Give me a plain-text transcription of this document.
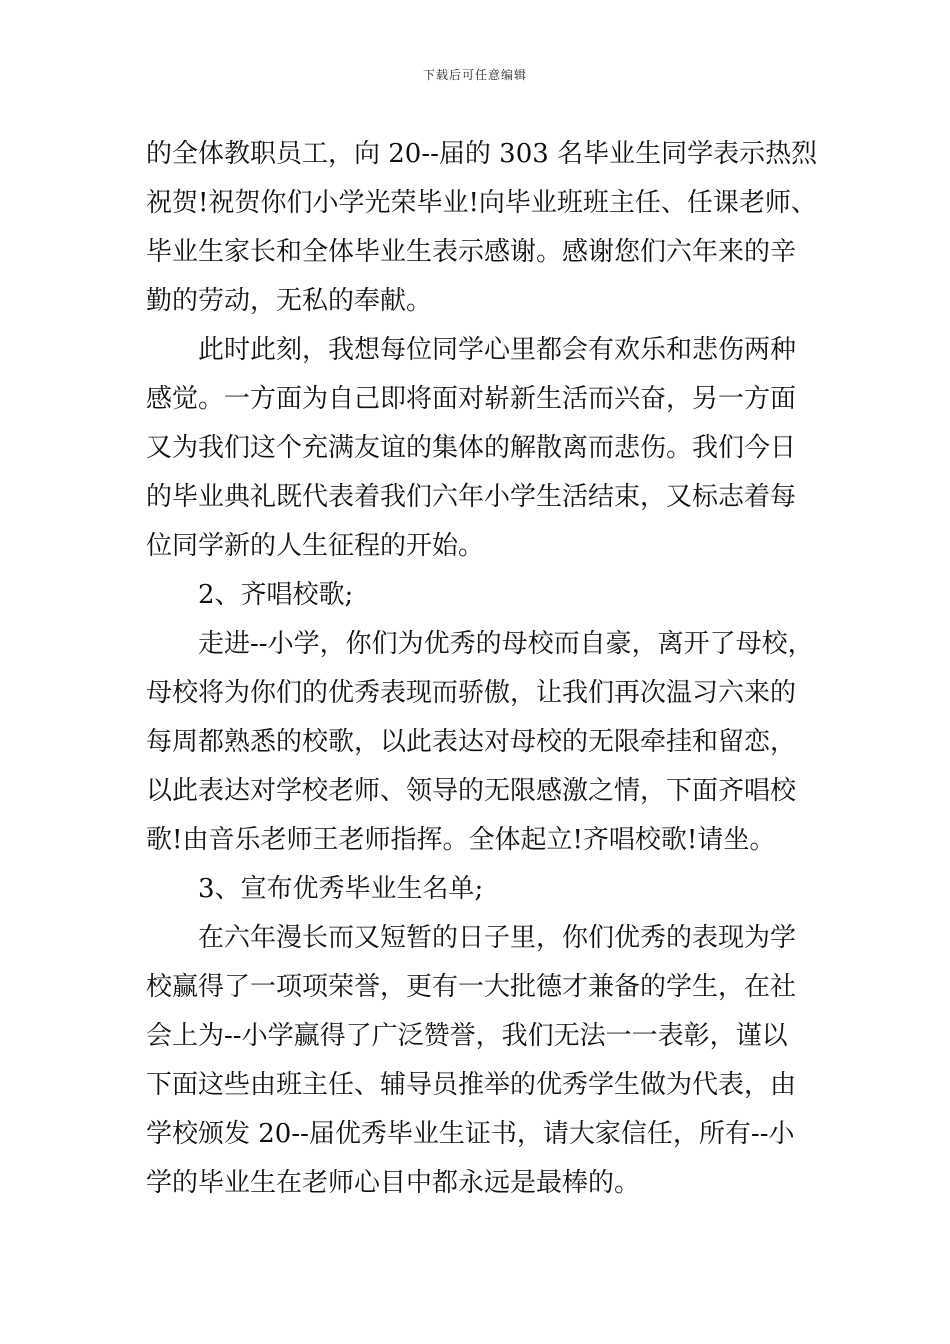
下载后可任意编辑
的全体教职员工，向 20--届的 303 名毕业生同学表示热烈
祝贺!祝贺你们小学光荣毕业!向毕业班班主任、任课老师、
毕业生家长和全体毕业生表示感谢。感谢您们六年来的辛
勤的劳动，无私的奉献。
此时此刻，我想每位同学心里都会有欢乐和悲伤两种
感觉。一方面为自己即将面对崭新生活而兴奋，另一方面
又为我们这个充满友谊的集体的解散离而悲伤。我们今日
的毕业典礼既代表着我们六年小学生活结束，又标志着每
位同学新的人生征程的开始。
2、齐唱校歌;
走进--小学，你们为优秀的母校而自豪，离开了母校，
母校将为你们的优秀表现而骄傲，让我们再次温习六来的
每周都熟悉的校歌，以此表达对母校的无限牵挂和留恋，
以此表达对学校老师、领导的无限感激之情，下面齐唱校
歌!由音乐老师王老师指挥。全体起立!齐唱校歌!请坐。
3、宣布优秀毕业生名单;
在六年漫长而又短暂的日子里，你们优秀的表现为学
校赢得了一项项荣誉，更有一大批德才兼备的学生，在社
会上为--小学赢得了广泛赞誉，我们无法一一表彰，谨以
下面这些由班主任、辅导员推举的优秀学生做为代表，由
学校颁发 20--届优秀毕业生证书，请大家信任，所有--小
学的毕业生在老师心目中都永远是最棒的。
